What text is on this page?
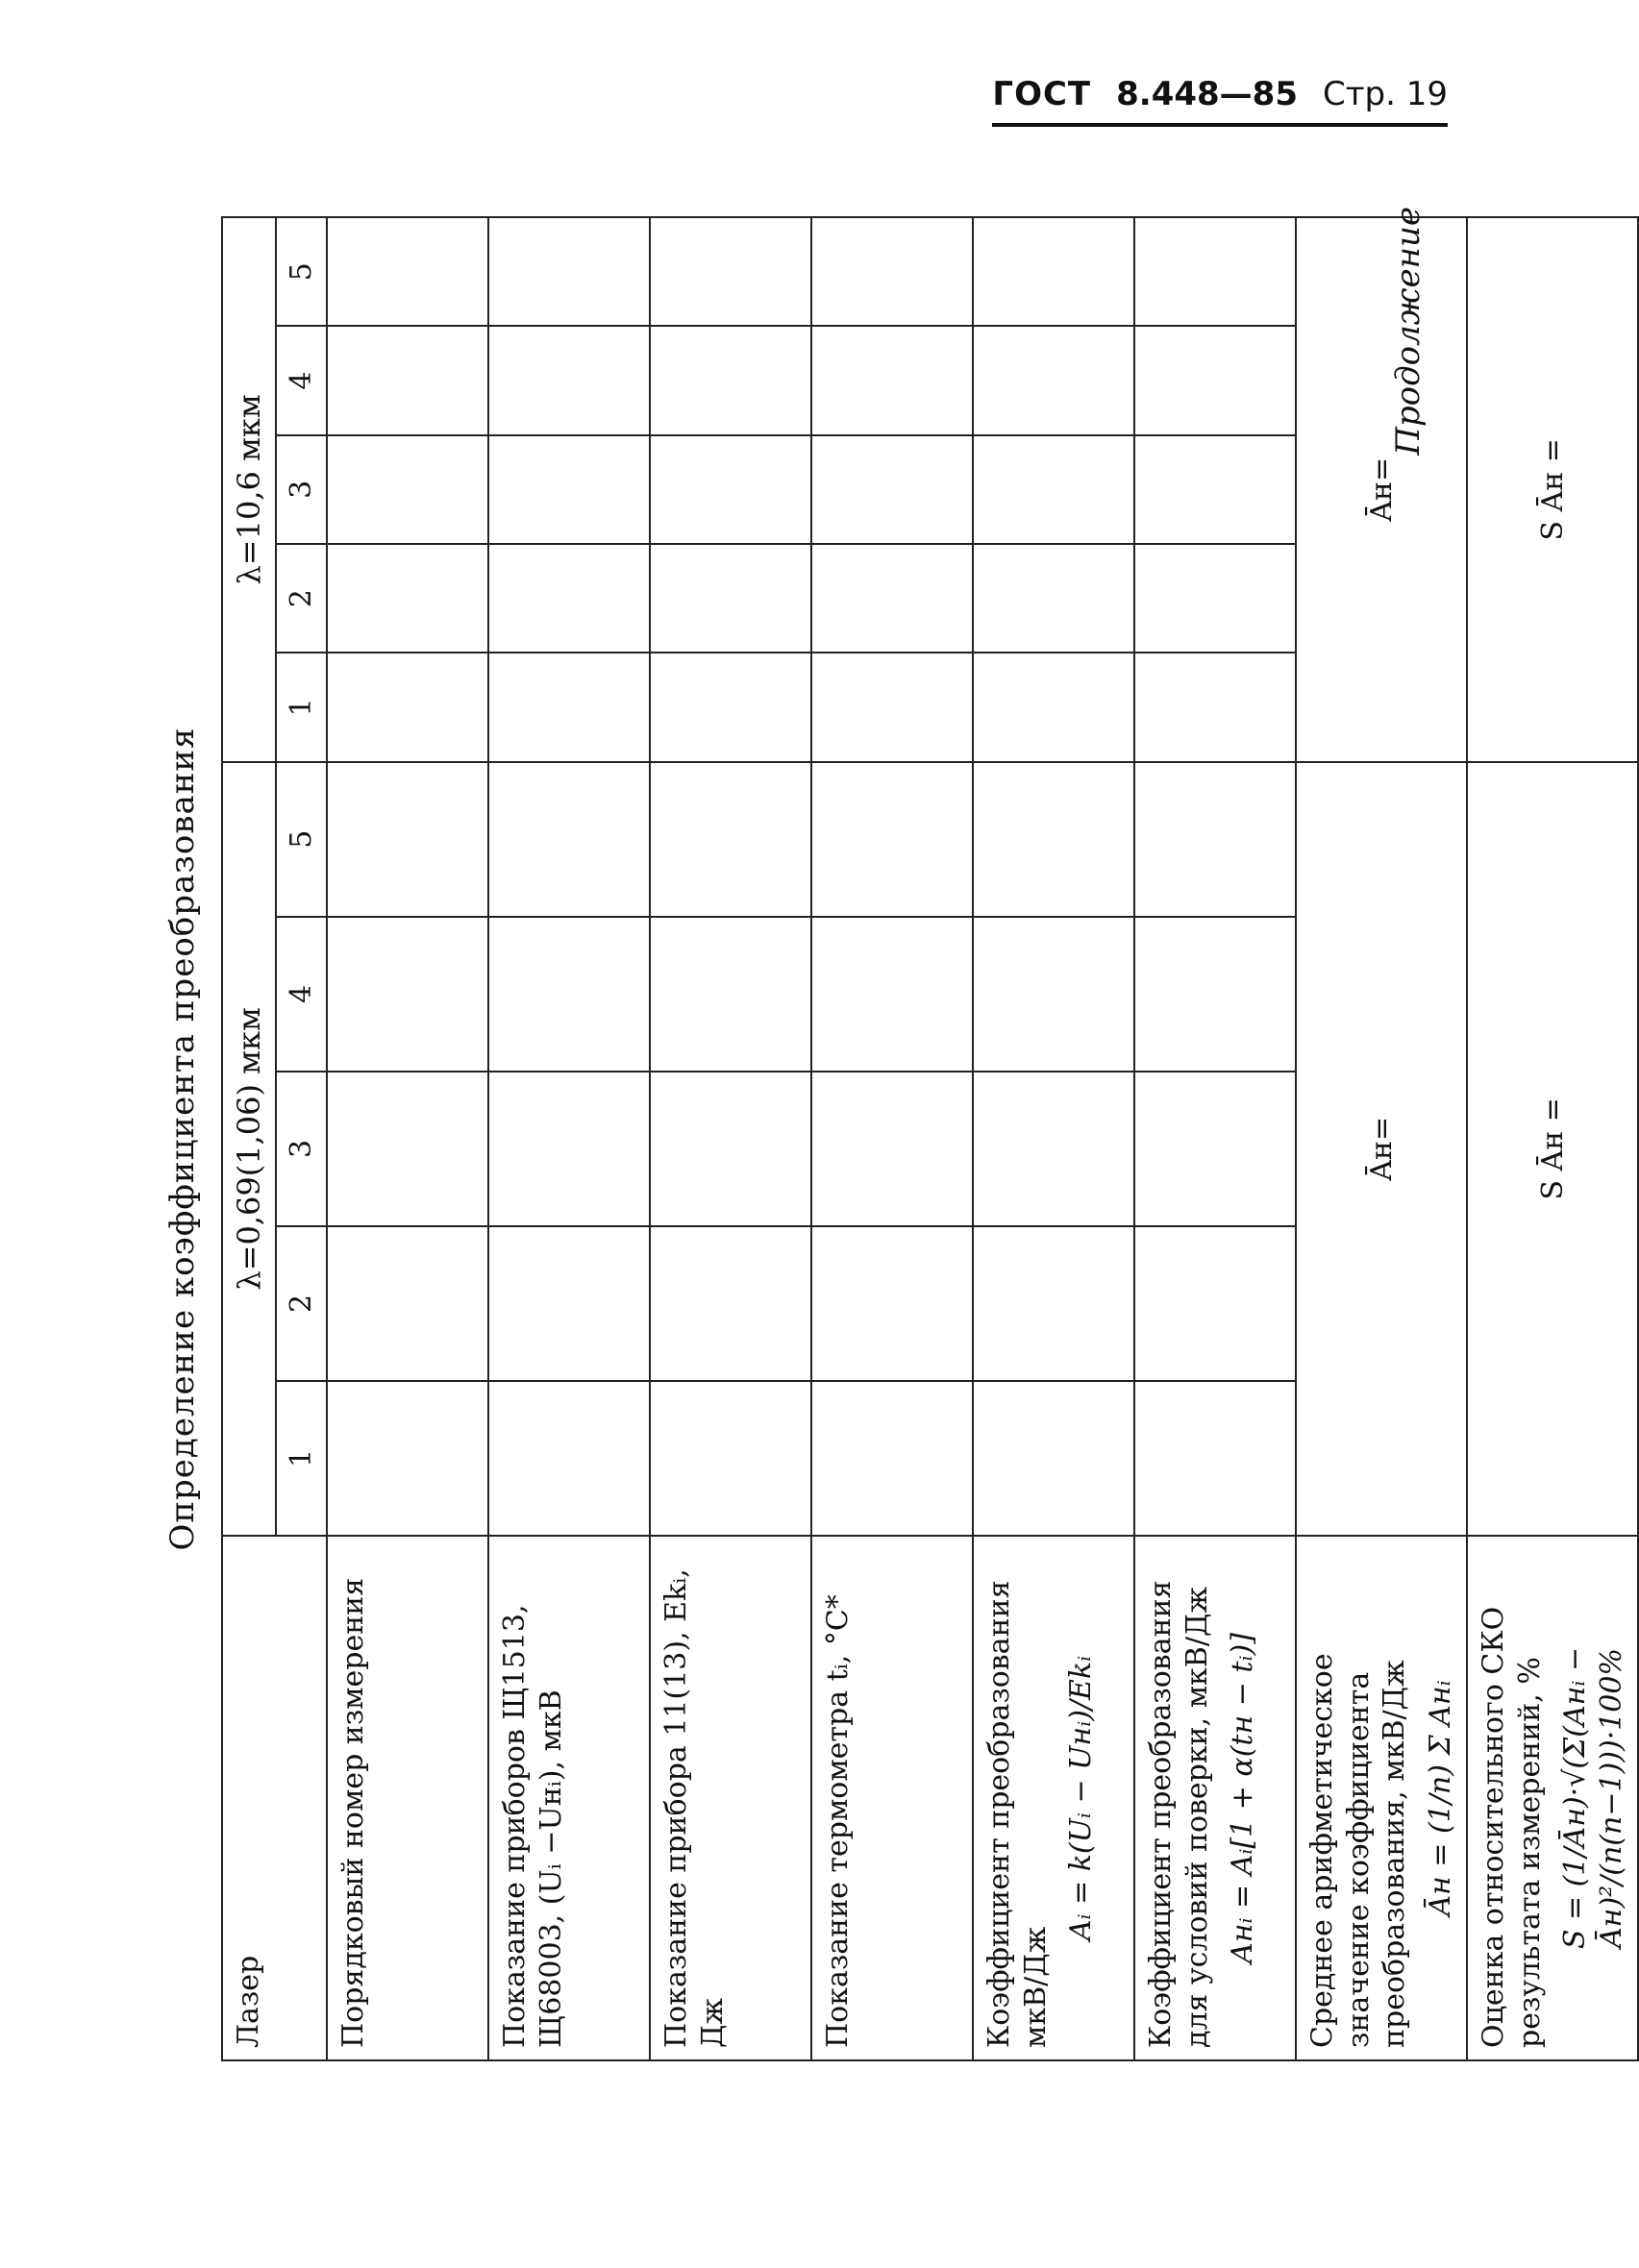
ГОСТ 8.448—85 Стр. 19
Определение коэффициента преобразования
Лазер	λ=0,69(1,06) мкм					λ=10,6 мкм				
	1	2	3	4	5	1	2	3	4	5
Порядковый номер измерения										
Показание приборов Щ1513, Щ68003, (Uᵢ −Uнᵢ), мкВ										
Показание прибора 11(13), Ekᵢ, Дж										
Показание термометра tᵢ, °С*										

Коэффициент преобразования мкВ/Дж
Aᵢ = k(Uᵢ − Uнᵢ)/Ekᵢ										

Коэффициент преобразования для условий поверки, мкВ/Дж Aнᵢ = Aᵢ[1 + α(tн − tᵢ)]										

Среднее арифметическое значение коэффициента преобразования, мкВ/Дж Āн = (1/n) Σ Aнᵢ	Āн=					Āн=				

Оценка относительного СКО результата измерений, % S = (1/Āн)·√(Σ(Aнᵢ − Āн)²/(n(n−1)))·100%	S Āн =					S Āн =				
Продолжение
